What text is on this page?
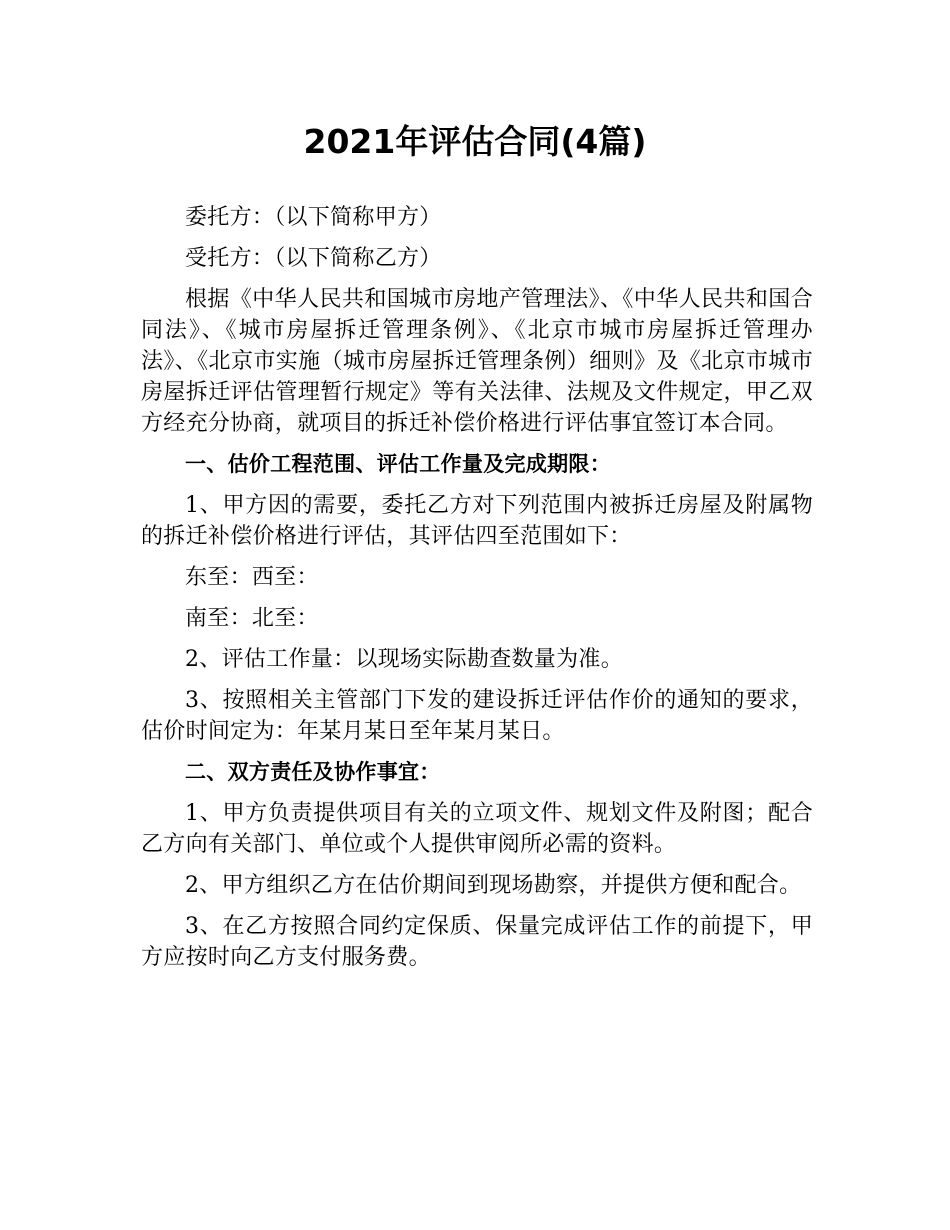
2021年评估合同(4篇)

委托方：（以下简称甲方）

受托方：（以下简称乙方）

根据《中华人民共和国城市房地产管理法》、《中华人民共和国合同法》、《城市房屋拆迁管理条例》、《北京市城市房屋拆迁管理办法》、《北京市实施（城市房屋拆迁管理条例）细则》及《北京市城市房屋拆迁评估管理暂行规定》等有关法律、法规及文件规定，甲乙双方经充分协商，就项目的拆迁补偿价格进行评估事宜签订本合同。

一、估价工程范围、评估工作量及完成期限：

1、甲方因的需要，委托乙方对下列范围内被拆迁房屋及附属物的拆迁补偿价格进行评估，其评估四至范围如下：

东至：西至：

南至：北至：

2、评估工作量：以现场实际勘查数量为准。

3、按照相关主管部门下发的建设拆迁评估作价的通知的要求，估价时间定为：年某月某日至年某月某日。

二、双方责任及协作事宜：

1、甲方负责提供项目有关的立项文件、规划文件及附图；配合乙方向有关部门、单位或个人提供审阅所必需的资料。

2、甲方组织乙方在估价期间到现场勘察，并提供方便和配合。

3、在乙方按照合同约定保质、保量完成评估工作的前提下，甲方应按时向乙方支付服务费。
